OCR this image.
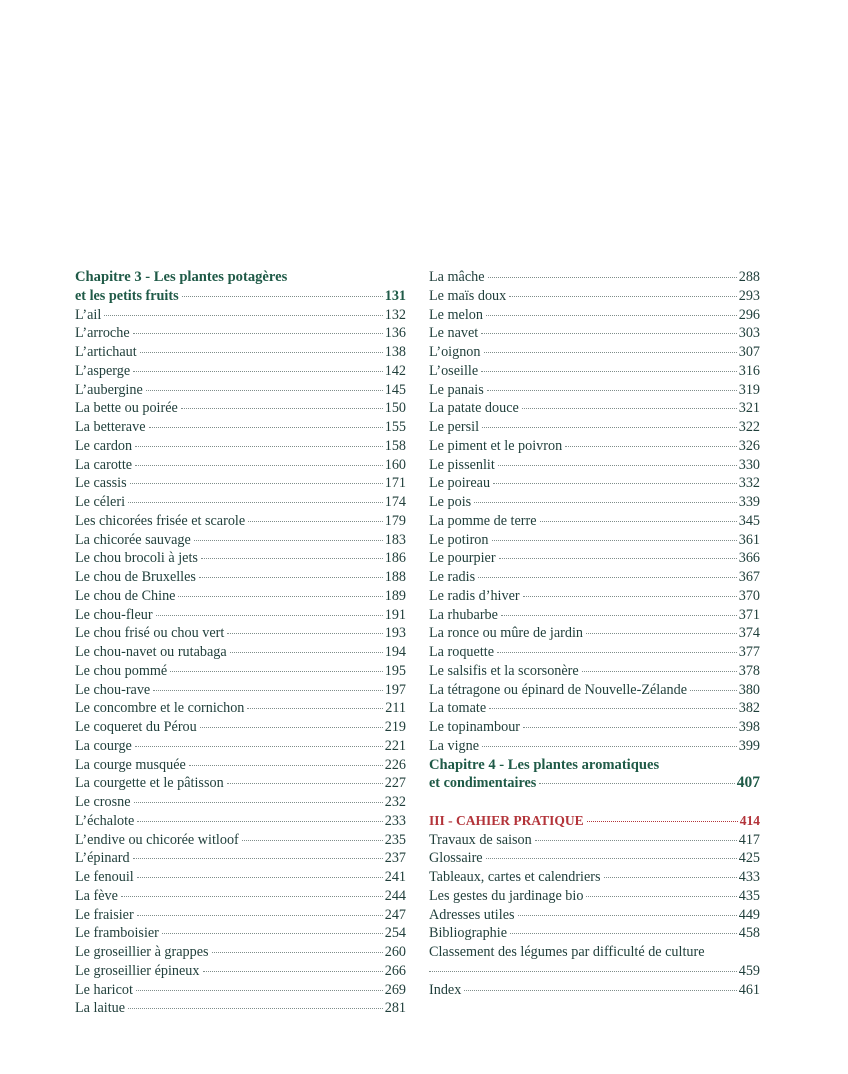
Chapitre 3 - Les plantes potagères
et les petits fruits	131
L’ail	132
L’arroche	136
L’artichaut	138
L’asperge	142
L’aubergine	145
La bette ou poirée	150
La betterave	155
Le cardon	158
La carotte	160
Le cassis	171
Le céleri	174
Les chicorées frisée et scarole	179
La chicorée sauvage	183
Le chou brocoli à jets	186
Le chou de Bruxelles	188
Le chou de Chine	189
Le chou-fleur	191
Le chou frisé ou chou vert	193
Le chou-navet ou rutabaga	194
Le chou pommé	195
Le chou-rave	197
Le concombre et le cornichon	211
Le coqueret du Pérou	219
La courge	221
La courge musquée	226
La courgette et le pâtisson	227
Le crosne	232
L’échalote	233
L’endive ou chicorée witloof	235
L’épinard	237
Le fenouil	241
La fève	244
Le fraisier	247
Le framboisier	254
Le groseillier à grappes	260
Le groseillier épineux	266
Le haricot	269
La laitue	281
La mâche	288
Le maïs doux	293
Le melon	296
Le navet	303
L’oignon	307
L’oseille	316
Le panais	319
La patate douce	321
Le persil	322
Le piment et le poivron	326
Le pissenlit	330
Le poireau	332
Le pois	339
La pomme de terre	345
Le potiron	361
Le pourpier	366
Le radis	367
Le radis d’hiver	370
La rhubarbe	371
La ronce ou mûre de jardin	374
La roquette	377
Le salsifis et la scorsonère	378
La tétragone ou épinard de Nouvelle-Zélande	380
La tomate	382
Le topinambour	398
La vigne	399
Chapitre 4 - Les plantes aromatiques
et condimentaires	407
III - CAHIER PRATIQUE	414
Travaux de saison	417
Glossaire	425
Tableaux, cartes et calendriers	433
Les gestes du jardinage bio	435
Adresses utiles	449
Bibliographie	458
Classement des légumes par difficulté de culture
459
Index	461
